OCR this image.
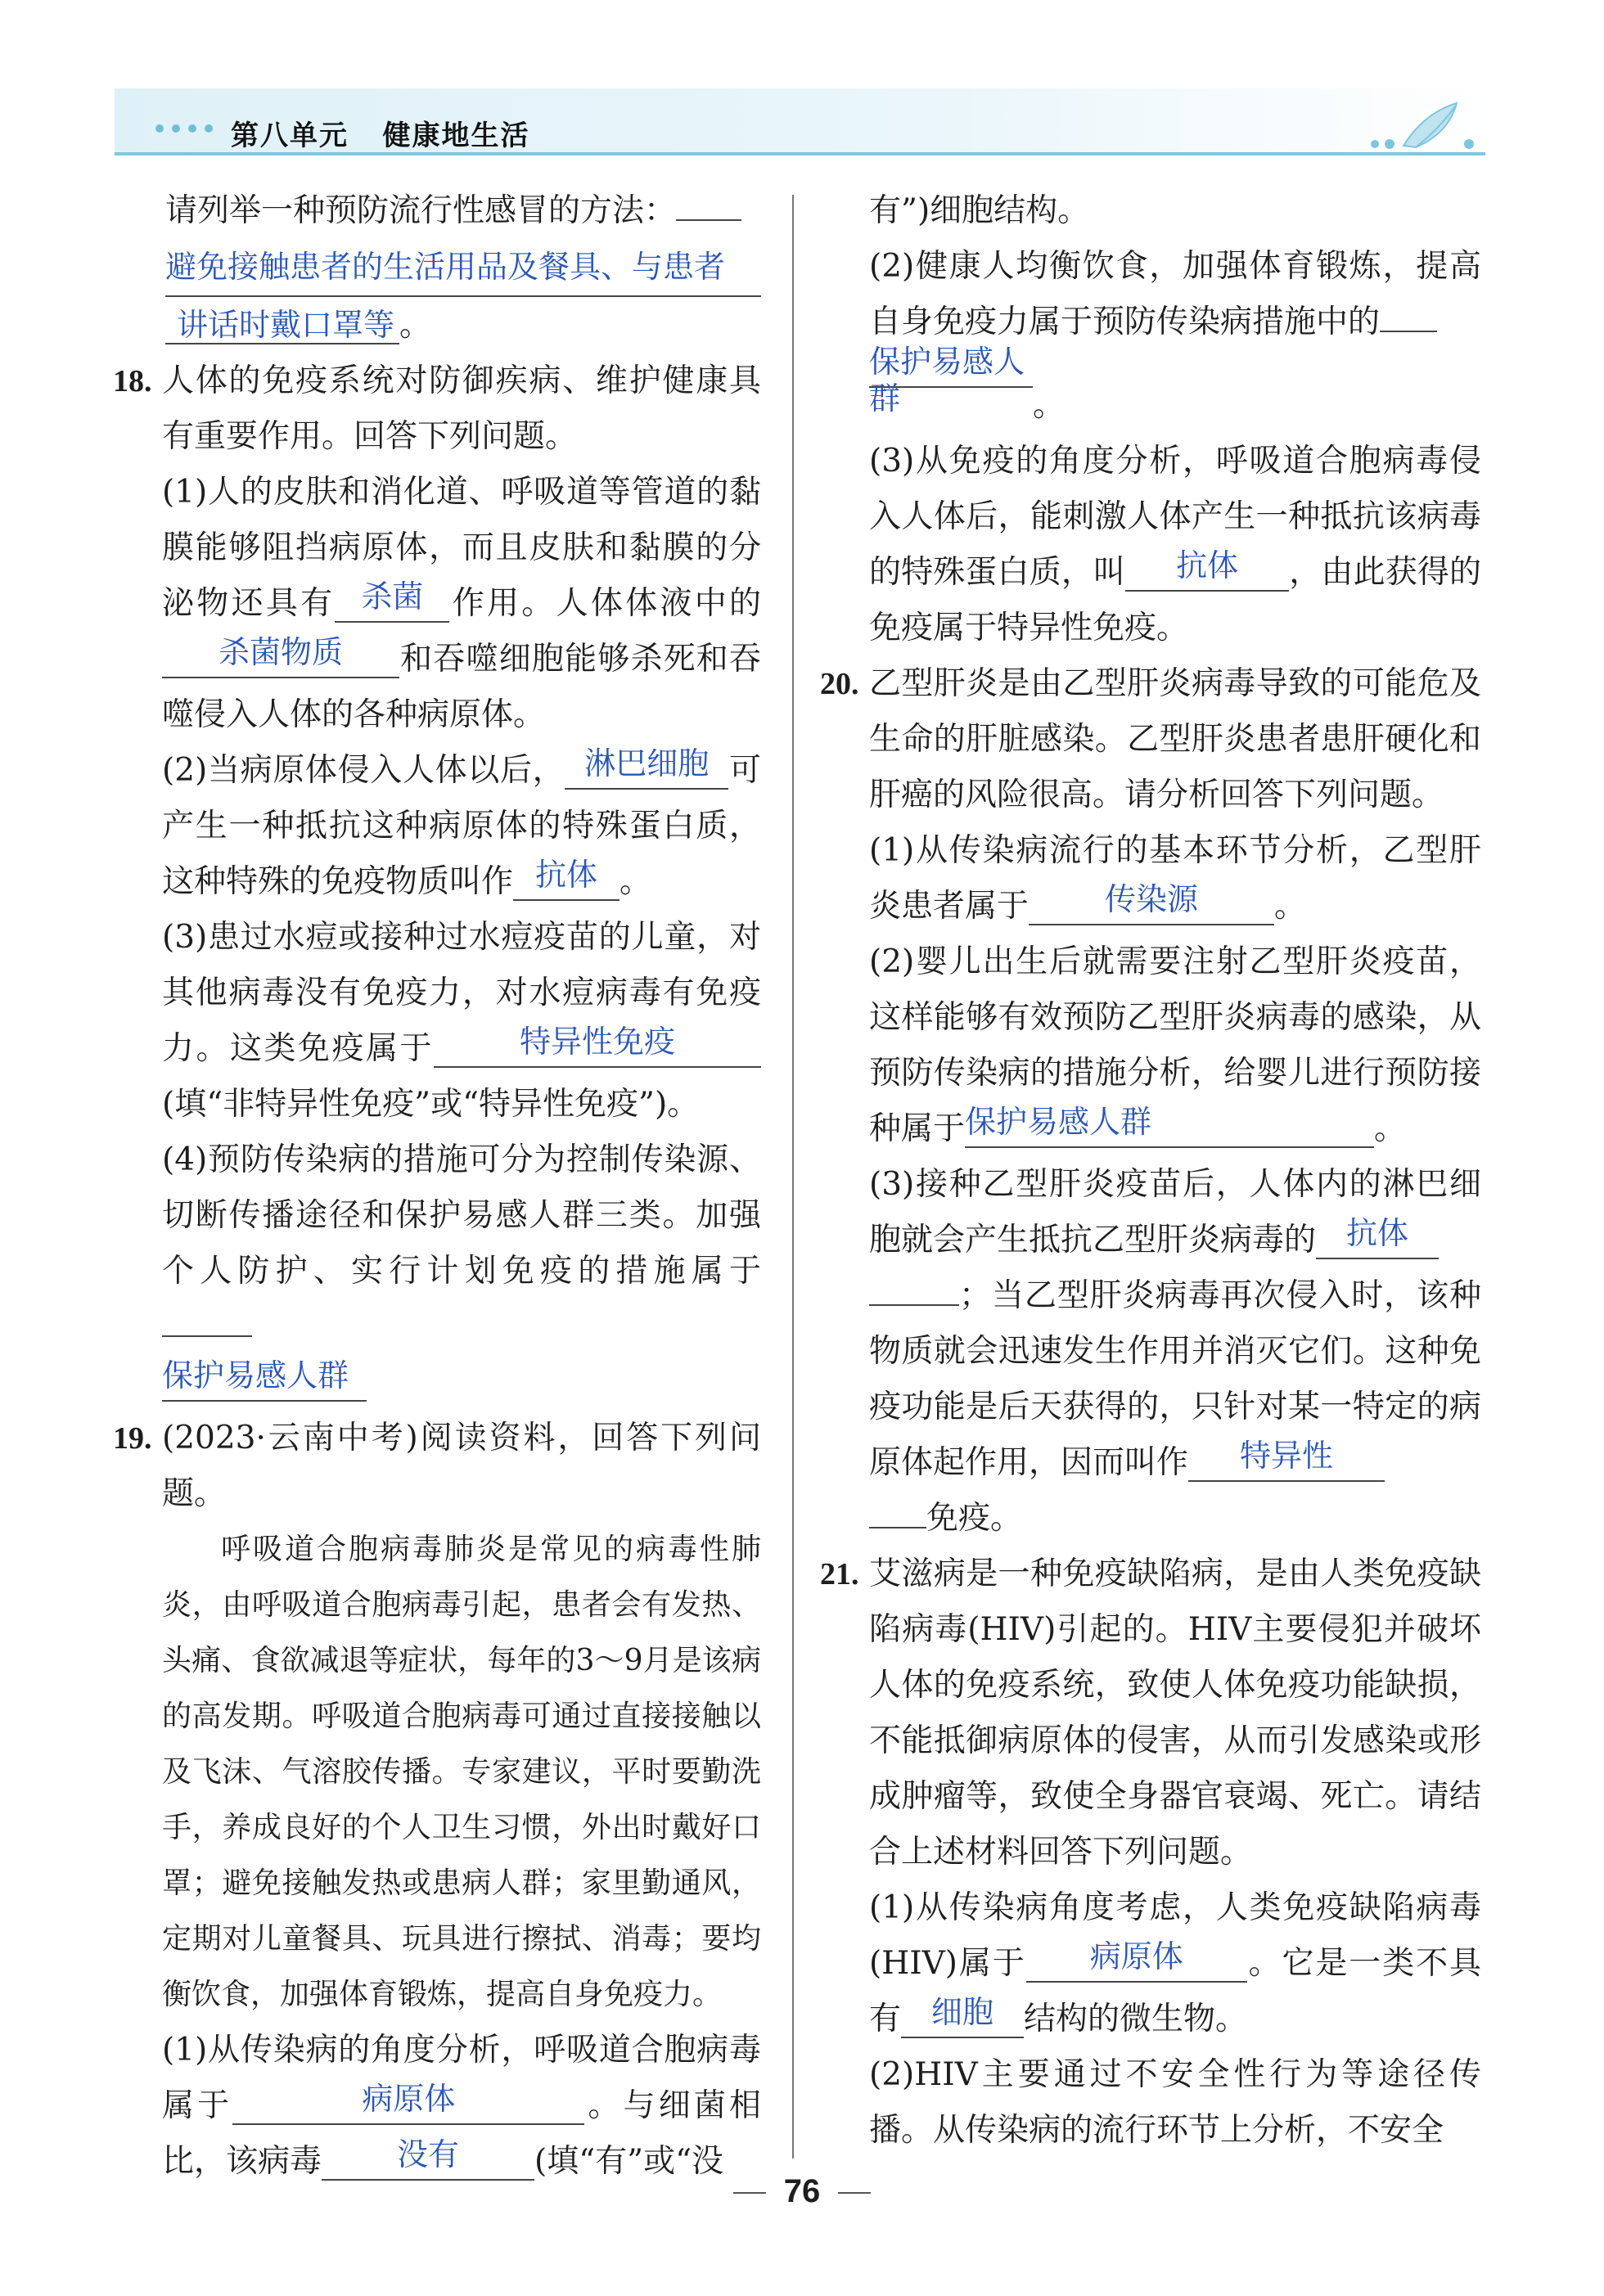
第八单元 健康地生活

请列举一种预防流行性感冒的方法：

避免接触患者的生活用品及餐具、与患者

讲话时戴口罩等 。

18. 人体的免疫系统对防御疾病、维护健康具有重要作用。回答下列问题。

(1)人的皮肤和消化道、呼吸道等管道的黏膜能够阻挡病原体，而且皮肤和黏膜的分泌物还具有 杀菌 作用。人体体液中的杀菌物质 和吞噬细胞能够杀死和吞噬侵入人体的各种病原体。

(2)当病原体侵入人体以后， 淋巴细胞 可产生一种抵抗这种病原体的特殊蛋白质，这种特殊的免疫物质叫作 抗体 。

(3)患过水痘或接种过水痘疫苗的儿童，对其他病毒没有免疫力，对水痘病毒有免疫力。这类免疫属于	特异性免疫(填“非特异性免疫”或“特异性免疫”)。

(4)预防传染病的措施可分为控制传染源、切断传播途径和保护易感人群三类。加强个人防护、实行计划免疫的措施属于
保护易感人群

19. (2023·云南中考)阅读资料，回答下列问题。

呼吸道合胞病毒肺炎是常见的病毒性肺炎，由呼吸道合胞病毒引起，患者会有发热、头痛、食欲减退等症状，每年的3～9月是该病的高发期。呼吸道合胞病毒可通过直接接触以及飞沫、气溶胶传播。专家建议，平时要勤洗手，养成良好的个人卫生习惯，外出时戴好口罩；避免接触发热或患病人群；家里勤通风，定期对儿童餐具、玩具进行擦拭、消毒；要均衡饮食，加强体育锻炼，提高自身免疫力。

(1)从传染病的角度分析，呼吸道合胞病毒属于	病原体	。与细菌相比，该病毒 没有 (填“有”或“没

有”)细胞结构。

(2)健康人均衡饮食，加强体育锻炼，提高自身免疫力属于预防传染病措施中的
保护易感人群	。

(3)从免疫的角度分析，呼吸道合胞病毒侵入人体后，能刺激人体产生一种抵抗该病毒的特殊蛋白质，叫 抗体 ，由此获得的免疫属于特异性免疫。

20. 乙型肝炎是由乙型肝炎病毒导致的可能危及生命的肝脏感染。乙型肝炎患者患肝硬化和肝癌的风险很高。请分析回答下列问题。

(1)从传染病流行的基本环节分析，乙型肝炎患者属于 传染源 。

(2)婴儿出生后就需要注射乙型肝炎疫苗，这样能够有效预防乙型肝炎病毒的感染，从预防传染病的措施分析，给婴儿进行预防接种属于保护易感人群	。

(3)接种乙型肝炎疫苗后，人体内的淋巴细胞就会产生抵抗乙型肝炎病毒的 抗体
；当乙型肝炎病毒再次侵入时，该种物质就会迅速发生作用并消灭它们。这种免疫功能是后天获得的，只针对某一特定的病原体起作用，因而叫作 特异性
免疫。

21. 艾滋病是一种免疫缺陷病，是由人类免疫缺陷病毒(HIV)引起的。HIV主要侵犯并破坏人体的免疫系统，致使人体免疫功能缺损，不能抵御病原体的侵害，从而引发感染或形成肿瘤等，致使全身器官衰竭、死亡。请结合上述材料回答下列问题。

(1)从传染病角度考虑，人类免疫缺陷病毒(HIV)属于 病原体 。它是一类不具有 细胞 结构的微生物。

(2)HIV主要通过不安全性行为等途径传播。从传染病的流行环节上分析，不安全

76
